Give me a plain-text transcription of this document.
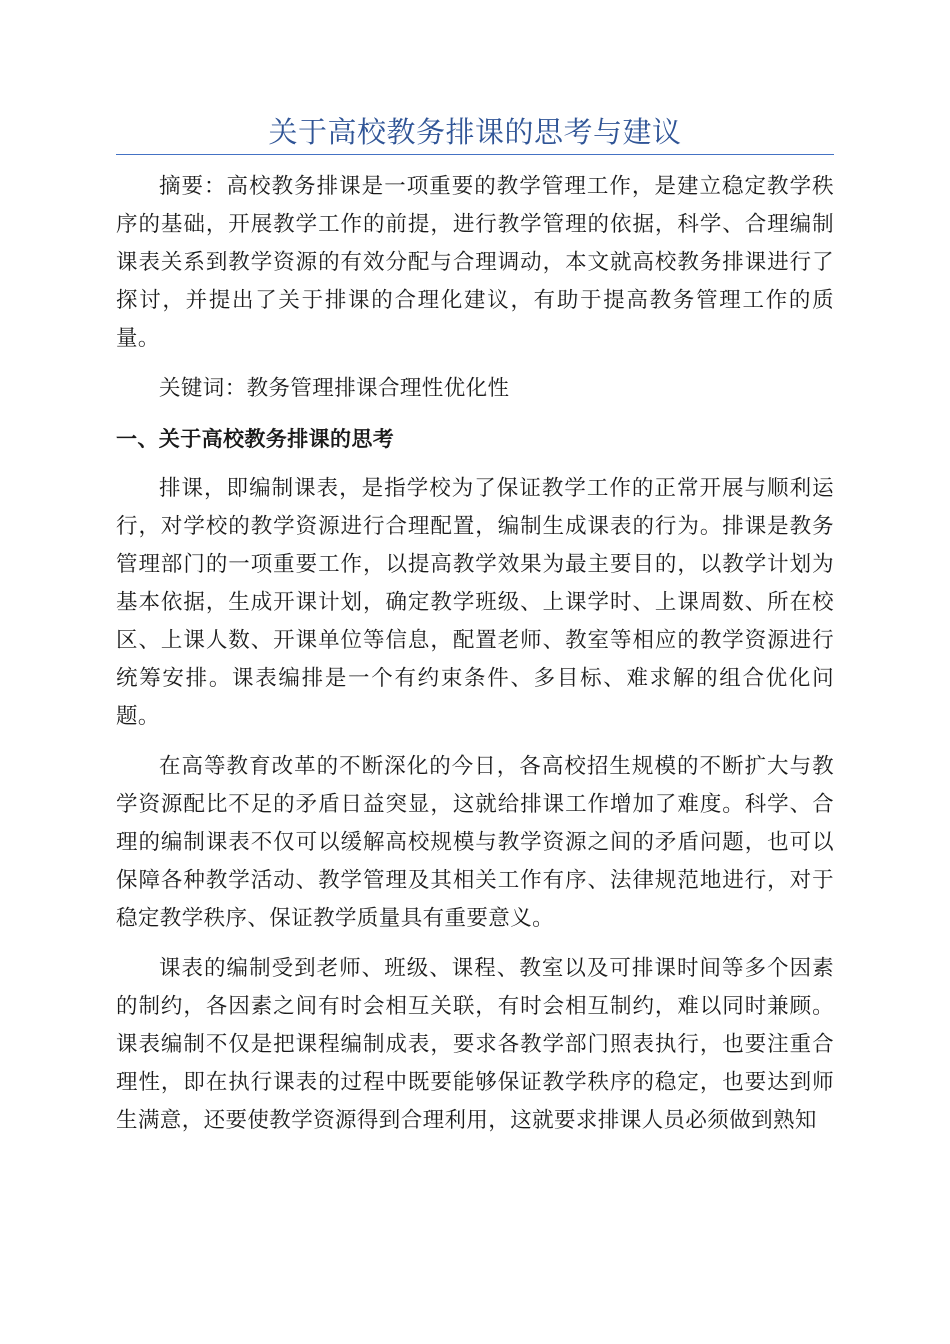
关于高校教务排课的思考与建议

摘要：高校教务排课是一项重要的教学管理工作，是建立稳定教学秩序的基础，开展教学工作的前提，进行教学管理的依据，科学、合理编制课表关系到教学资源的有效分配与合理调动，本文就高校教务排课进行了探讨，并提出了关于排课的合理化建议，有助于提高教务管理工作的质量。

关键词：教务管理排课合理性优化性

一、关于高校教务排课的思考

排课，即编制课表，是指学校为了保证教学工作的正常开展与顺利运行，对学校的教学资源进行合理配置，编制生成课表的行为。排课是教务管理部门的一项重要工作，以提高教学效果为最主要目的，以教学计划为基本依据，生成开课计划，确定教学班级、上课学时、上课周数、所在校区、上课人数、开课单位等信息，配置老师、教室等相应的教学资源进行统筹安排。课表编排是一个有约束条件、多目标、难求解的组合优化问题。

在高等教育改革的不断深化的今日，各高校招生规模的不断扩大与教学资源配比不足的矛盾日益突显，这就给排课工作增加了难度。科学、合理的编制课表不仅可以缓解高校规模与教学资源之间的矛盾问题，也可以保障各种教学活动、教学管理及其相关工作有序、法律规范地进行，对于稳定教学秩序、保证教学质量具有重要意义。

课表的编制受到老师、班级、课程、教室以及可排课时间等多个因素的制约，各因素之间有时会相互关联，有时会相互制约，难以同时兼顾。课表编制不仅是把课程编制成表，要求各教学部门照表执行，也要注重合理性，即在执行课表的过程中既要能够保证教学秩序的稳定，也要达到师生满意，还要使教学资源得到合理利用，这就要求排课人员必须做到熟知
